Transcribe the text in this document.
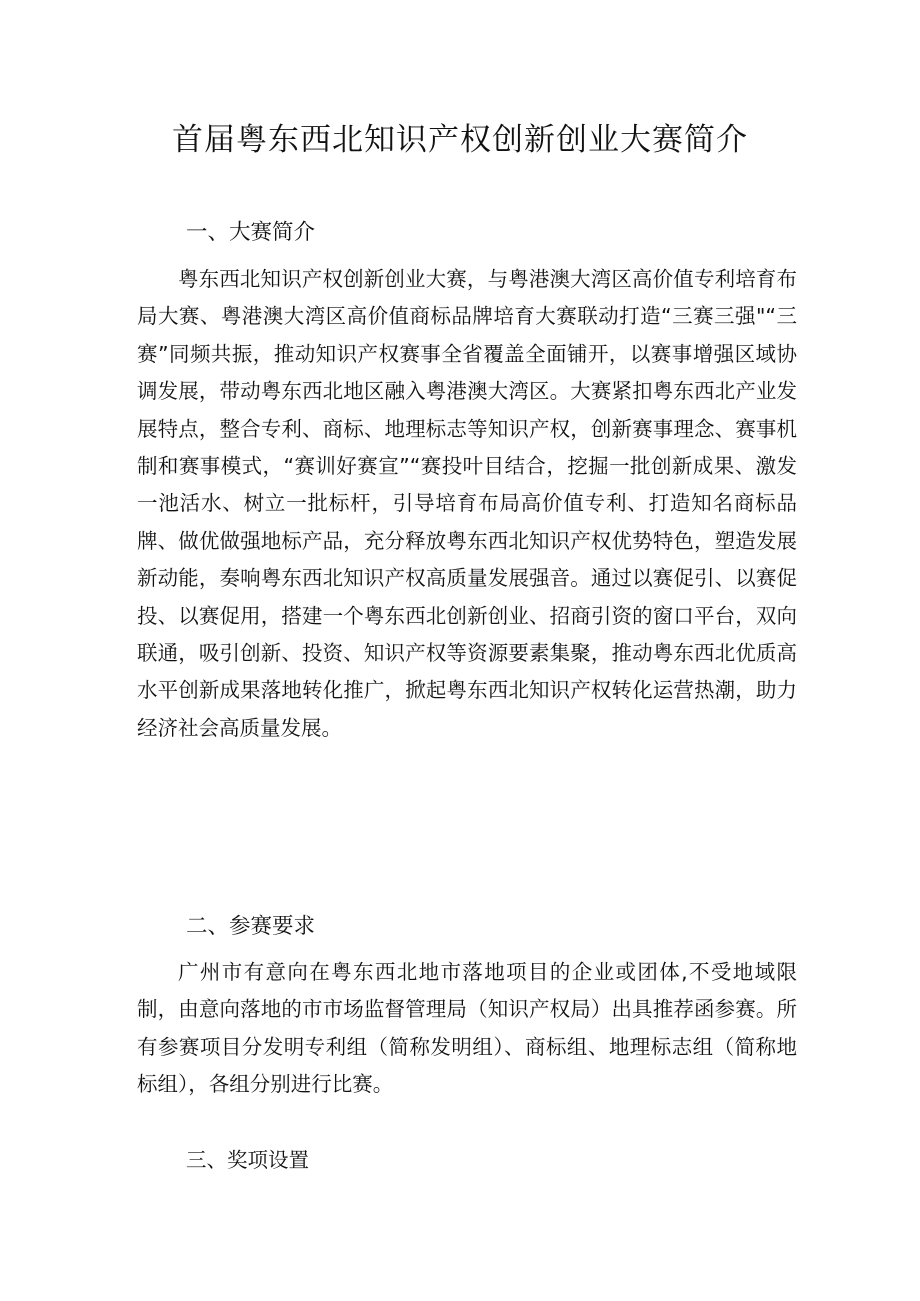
首届粤东西北知识产权创新创业大赛简介
一、大赛简介

粤东西北知识产权创新创业大赛，与粤港澳大湾区高价值专利培育布局大赛、粤港澳大湾区高价值商标品牌培育大赛联动打造“三赛三强"“三赛”同频共振，推动知识产权赛事全省覆盖全面铺开，以赛事增强区域协调发展，带动粤东西北地区融入粤港澳大湾区。大赛紧扣粤东西北产业发展特点，整合专利、商标、地理标志等知识产权，创新赛事理念、赛事机制和赛事模式，“赛训好赛宣”“赛投叶目结合，挖掘一批创新成果、激发一池活水、树立一批标杆，引导培育布局高价值专利、打造知名商标品牌、做优做强地标产品，充分释放粤东西北知识产权优势特色，塑造发展新动能，奏响粤东西北知识产权高质量发展强音。通过以赛促引、以赛促投、以赛促用，搭建一个粤东西北创新创业、招商引资的窗口平台，双向联通，吸引创新、投资、知识产权等资源要素集聚，推动粤东西北优质高水平创新成果落地转化推广，掀起粤东西北知识产权转化运营热潮，助力经济社会高质量发展。

二、参赛要求

广州市有意向在粤东西北地市落地项目的企业或团体,不受地域限制，由意向落地的市市场监督管理局（知识产权局）出具推荐函参赛。所有参赛项目分发明专利组（简称发明组）、商标组、地理标志组（简称地标组），各组分别进行比赛。

三、奖项设置
